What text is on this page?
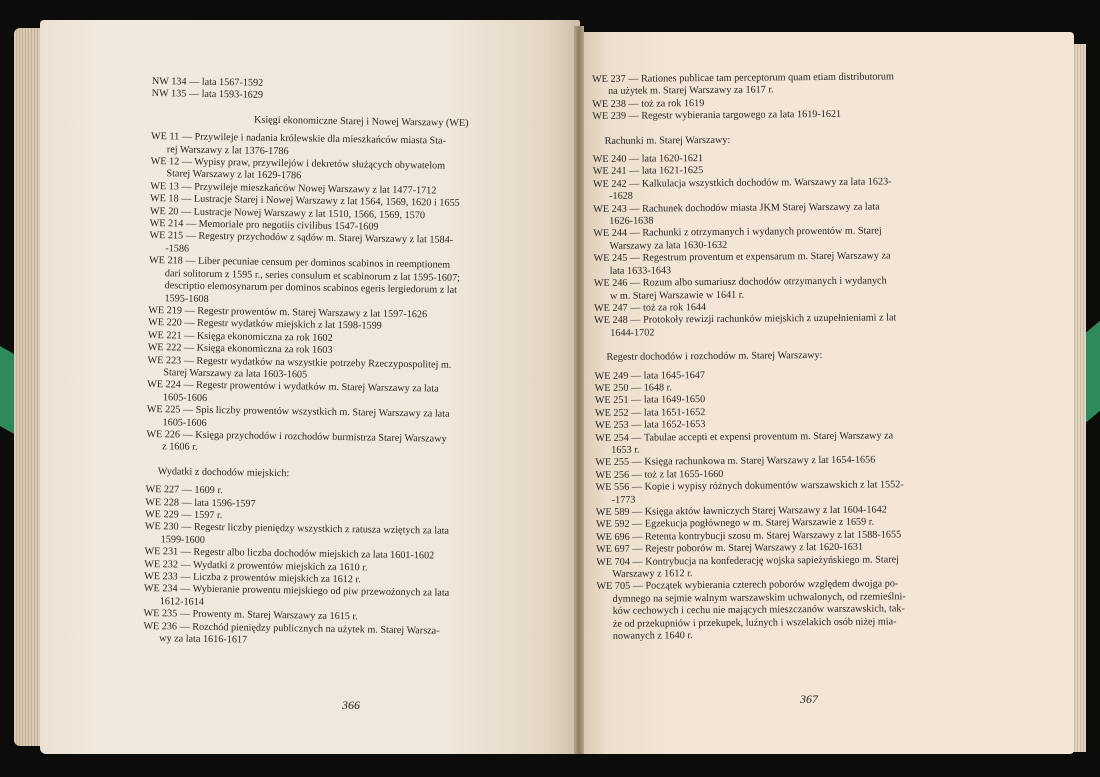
NW 134 — lata 1567-1592
NW 135 — lata 1593-1629
Księgi ekonomiczne Starej i Nowej Warszawy (WE)
WE 11 — Przywileje i nadania królewskie dla mieszkańców miasta Sta-
rej Warszawy z lat 1376-1786
WE 12 — Wypisy praw, przywilejów i dekretów służących obywatelom
Starej Warszawy z lat 1629-1786
WE 13 — Przywileje mieszkańców Nowej Warszawy z lat 1477-1712
WE 18 — Lustracje Starej i Nowej Warszawy z lat 1564, 1569, 1620 i 1655
WE 20 — Lustracje Nowej Warszawy z lat 1510, 1566, 1569, 1570
WE 214 — Memoriale pro negotiis civilibus 1547-1609
WE 215 — Regestry przychodów z sądów m. Starej Warszawy z lat 1584-
-1586
WE 218 — Liber pecuniae censum per dominos scabinos in reemptionem
dari solitorum z 1595 r., series consulum et scabinorum z lat 1595-1607;
descriptio elemosynarum per dominos scabinos egeris lergiedorum z lat
1595-1608
WE 219 — Regestr prowentów m. Starej Warszawy z lat 1597-1626
WE 220 — Regestr wydatków miejskich z lat 1598-1599
WE 221 — Księga ekonomiczna za rok 1602
WE 222 — Księga ekonomiczna za rok 1603
WE 223 — Regestr wydatków na wszystkie potrzeby Rzeczypospolitej m.
Starej Warszawy za lata 1603-1605
WE 224 — Regestr prowentów i wydatków m. Starej Warszawy za lata
1605-1606
WE 225 — Spis liczby prowentów wszystkich m. Starej Warszawy za lata
1605-1606
WE 226 — Księga przychodów i rozchodów burmistrza Starej Warszawy
z 1606 r.
Wydatki z dochodów miejskich:
WE 227 — 1609 r.
WE 228 — lata 1596-1597
WE 229 — 1597 r.
WE 230 — Regestr liczby pieniędzy wszystkich z ratusza wziętych za lata
1599-1600
WE 231 — Regestr albo liczba dochodów miejskich za lata 1601-1602
WE 232 — Wydatki z prowentów miejskich za 1610 r.
WE 233 — Liczba z prowentów miejskich za 1612 r.
WE 234 — Wybieranie prowentu miejskiego od piw przewożonych za lata
1612-1614
WE 235 — Prowenty m. Starej Warszawy za 1615 r.
WE 236 — Rozchód pieniędzy publicznych na użytek m. Starej Warsza-
wy za lata 1616-1617
WE 237 — Rationes publicae tam perceptorum quam etiam distributorum
na użytek m. Starej Warszawy za 1617 r.
WE 238 — toż za rok 1619
WE 239 — Regestr wybierania targowego za lata 1619-1621
Rachunki m. Starej Warszawy:
WE 240 — lata 1620-1621
WE 241 — lata 1621-1625
WE 242 — Kalkulacja wszystkich dochodów m. Warszawy za lata 1623-
-1628
WE 243 — Rachunek dochodów miasta JKM Starej Warszawy za lata
1626-1638
WE 244 — Rachunki z otrzymanych i wydanych prowentów m. Starej
Warszawy za lata 1630-1632
WE 245 — Regestrum proventum et expensarum m. Starej Warszawy za
lata 1633-1643
WE 246 — Rozum albo sumariusz dochodów otrzymanych i wydanych
w m. Starej Warszawie w 1641 r.
WE 247 — toż za rok 1644
WE 248 — Protokoły rewizji rachunków miejskich z uzupełnieniami z lat
1644-1702
Regestr dochodów i rozchodów m. Starej Warszawy:
WE 249 — lata 1645-1647
WE 250 — 1648 r.
WE 251 — lata 1649-1650
WE 252 — lata 1651-1652
WE 253 — lata 1652-1653
WE 254 — Tabulae accepti et expensi proventum m. Starej Warszawy za
1653 r.
WE 255 — Księga rachunkowa m. Starej Warszawy z lat 1654-1656
WE 256 — toż z lat 1655-1660
WE 556 — Kopie i wypisy różnych dokumentów warszawskich z lat 1552-
-1773
WE 589 — Księga aktów ławniczych Starej Warszawy z lat 1604-1642
WE 592 — Egzekucja pogłównego w m. Starej Warszawie z 1659 r.
WE 696 — Retenta kontrybucji szosu m. Starej Warszawy z lat 1588-1655
WE 697 — Rejestr poborów m. Starej Warszawy z lat 1620-1631
WE 704 — Kontrybucja na konfederację wojska sapieżyńskiego m. Starej
Warszawy z 1612 r.
WE 705 — Początek wybierania czterech poborów względem dwojga po-
dymnego na sejmie walnym warszawskim uchwalonych, od rzemieślni-
ków cechowych i cechu nie mających mieszczanów warszawskich, tak-
że od przekupniów i przekupek, luźnych i wszelakich osób niżej mia-
nowanych z 1640 r.
366	367
